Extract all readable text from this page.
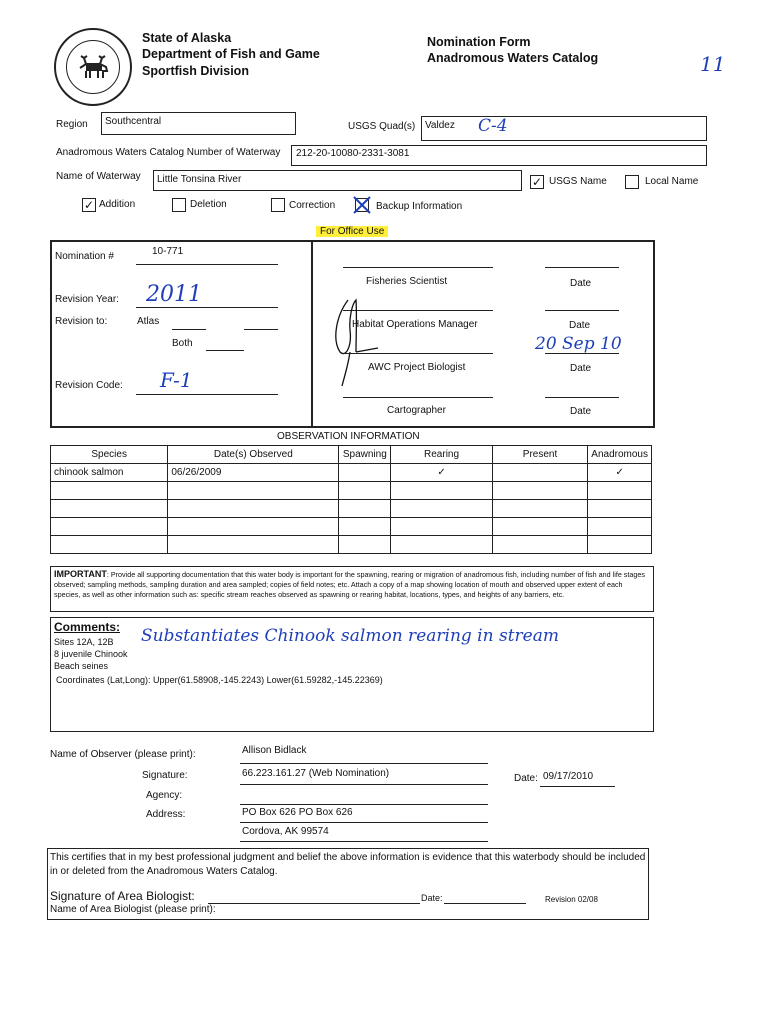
State of Alaska
Department of Fish and Game
Sportfish Division
Nomination Form
Anadromous Waters Catalog	11
Region Southcentral	USGS Quad(s) Valdez C-4
Anadromous Waters Catalog Number of Waterway 212-20-10080-2331-3081
Name of Waterway Little Tonsina River	✓ USGS Name	Local Name
✓ Addition	Deletion	Correction	Backup Information
For Office Use
Nomination #	10-771
Revision Year: 2011
Revision to:	Atlas
Both
Revision Code: F-1
Fisheries Scientist	Date
Habitat Operations Manager	Date
AWC Project Biologist
20 Sep 10
Date
Cartographer	Date
OBSERVATION INFORMATION
Species	Date(s) Observed	Spawning	Rearing	Present	Anadromous
chinook salmon	06/26/2009		✓		✓

IMPORTANT: Provide all supporting documentation that this water body is important for the spawning, rearing or migration of anadromous fish, including number of fish and life stages observed; sampling methods, sampling duration and area sampled; copies of field notes; etc. Attach a copy of a map showing location of mouth and observed upper extent of each species, as well as other information such as: specific stream reaches observed as spawning or rearing habitat, locations, types, and heights of any barriers, etc.
Comments:
Sites 12A, 12B
8 juvenile Chinook
Beach seines
Coordinates (Lat,Long): Upper(61.58908,-145.2243) Lower(61.59282,-145.22369)
Substantiates Chinook salmon rearing in stream
Name of Observer (please print):	Allison Bidlack
Signature:	66.223.161.27 (Web Nomination)	Date: 09/17/2010
Agency:
Address:	PO Box 626 PO Box 626
Cordova, AK 99574
This certifies that in my best professional judgment and belief the above information is evidence that this waterbody should be included in or deleted from the Anadromous Waters Catalog.
Signature of Area Biologist:	Date:	Revision 02/08
Name of Area Biologist (please print):
